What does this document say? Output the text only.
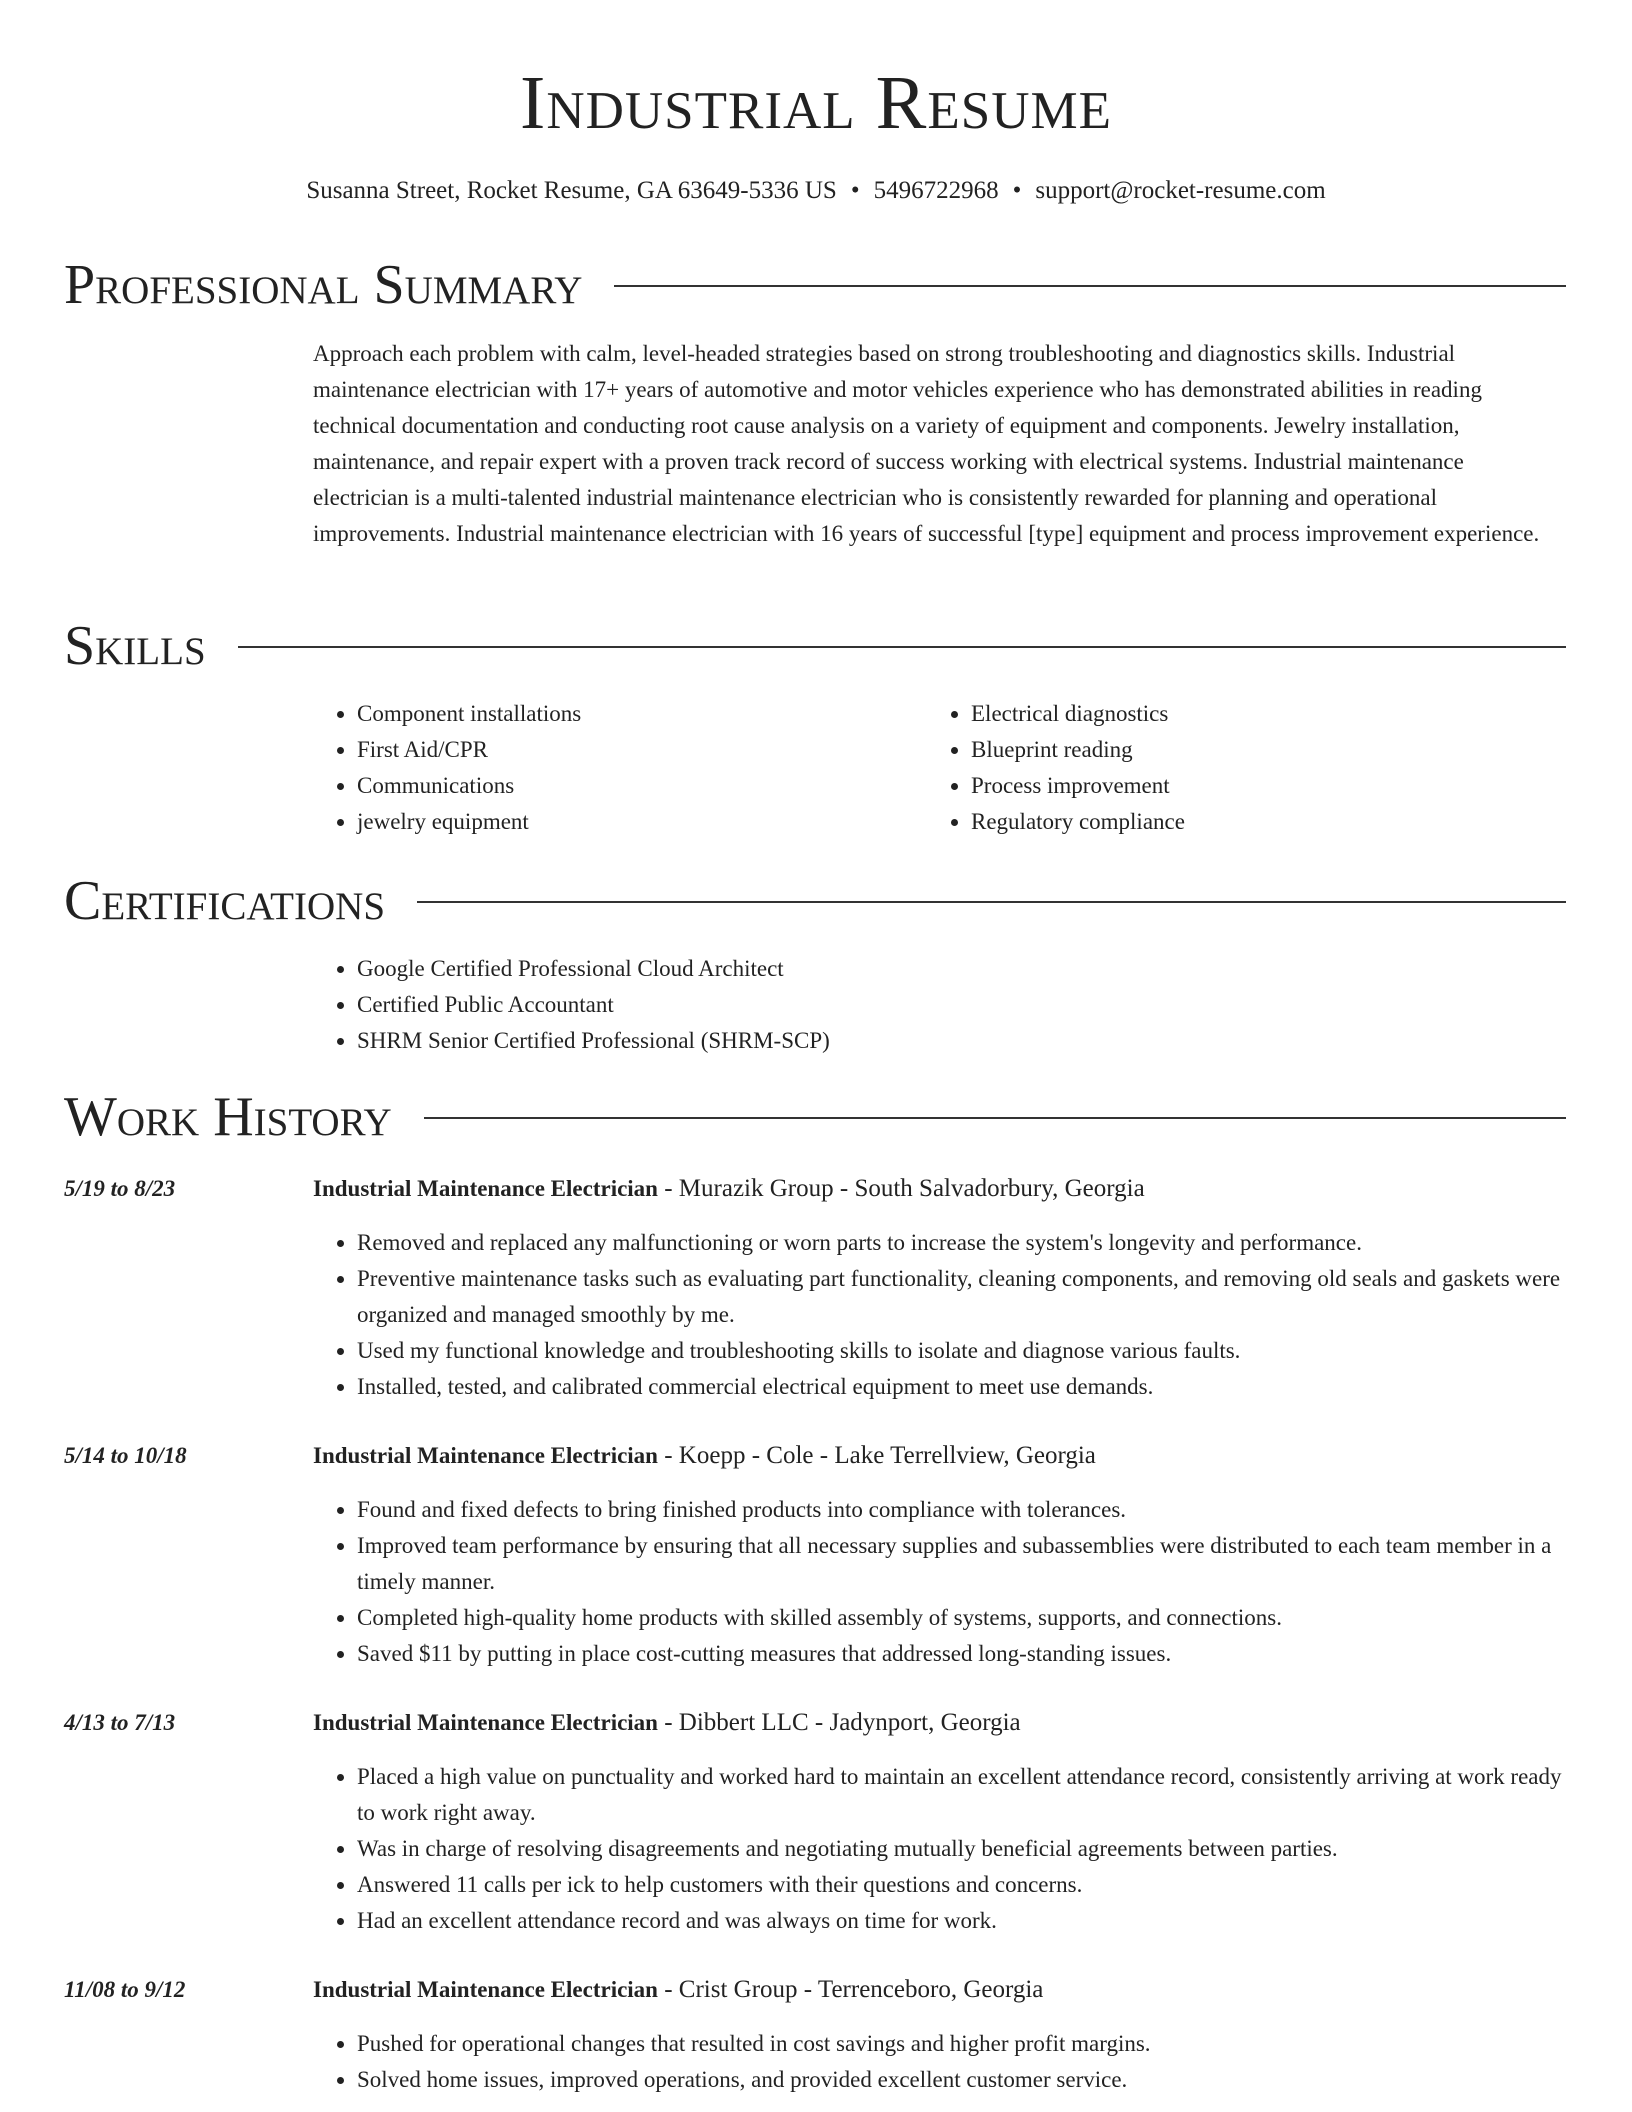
Industrial Resume
Susanna Street, Rocket Resume, GA 63649-5336 US • 5496722968 • support@rocket-resume.com
Professional Summary
Approach each problem with calm, level-headed strategies based on strong troubleshooting and diagnostics skills. Industrial maintenance electrician with 17+ years of automotive and motor vehicles experience who has demonstrated abilities in reading technical documentation and conducting root cause analysis on a variety of equipment and components. Jewelry installation, maintenance, and repair expert with a proven track record of success working with electrical systems. Industrial maintenance electrician is a multi-talented industrial maintenance electrician who is consistently rewarded for planning and operational improvements. Industrial maintenance electrician with 16 years of successful [type] equipment and process improvement experience.
Skills
• Component installations
• First Aid/CPR
• Communications
• jewelry equipment
• Electrical diagnostics
• Blueprint reading
• Process improvement
• Regulatory compliance
Certifications
• Google Certified Professional Cloud Architect
• Certified Public Accountant
• SHRM Senior Certified Professional (SHRM-SCP)
Work History
5/19 to 8/23	Industrial Maintenance Electrician - Murazik Group - South Salvadorbury, Georgia
• Removed and replaced any malfunctioning or worn parts to increase the system's longevity and performance.
• Preventive maintenance tasks such as evaluating part functionality, cleaning components, and removing old seals and gaskets were organized and managed smoothly by me.
• Used my functional knowledge and troubleshooting skills to isolate and diagnose various faults.
• Installed, tested, and calibrated commercial electrical equipment to meet use demands.
5/14 to 10/18	Industrial Maintenance Electrician - Koepp - Cole - Lake Terrellview, Georgia
• Found and fixed defects to bring finished products into compliance with tolerances.
• Improved team performance by ensuring that all necessary supplies and subassemblies were distributed to each team member in a timely manner.
• Completed high-quality home products with skilled assembly of systems, supports, and connections.
• Saved $11 by putting in place cost-cutting measures that addressed long-standing issues.
4/13 to 7/13	Industrial Maintenance Electrician - Dibbert LLC - Jadynport, Georgia
• Placed a high value on punctuality and worked hard to maintain an excellent attendance record, consistently arriving at work ready to work right away.
• Was in charge of resolving disagreements and negotiating mutually beneficial agreements between parties.
• Answered 11 calls per ick to help customers with their questions and concerns.
• Had an excellent attendance record and was always on time for work.
11/08 to 9/12	Industrial Maintenance Electrician - Crist Group - Terrenceboro, Georgia
• Pushed for operational changes that resulted in cost savings and higher profit margins.
• Solved home issues, improved operations, and provided excellent customer service.
